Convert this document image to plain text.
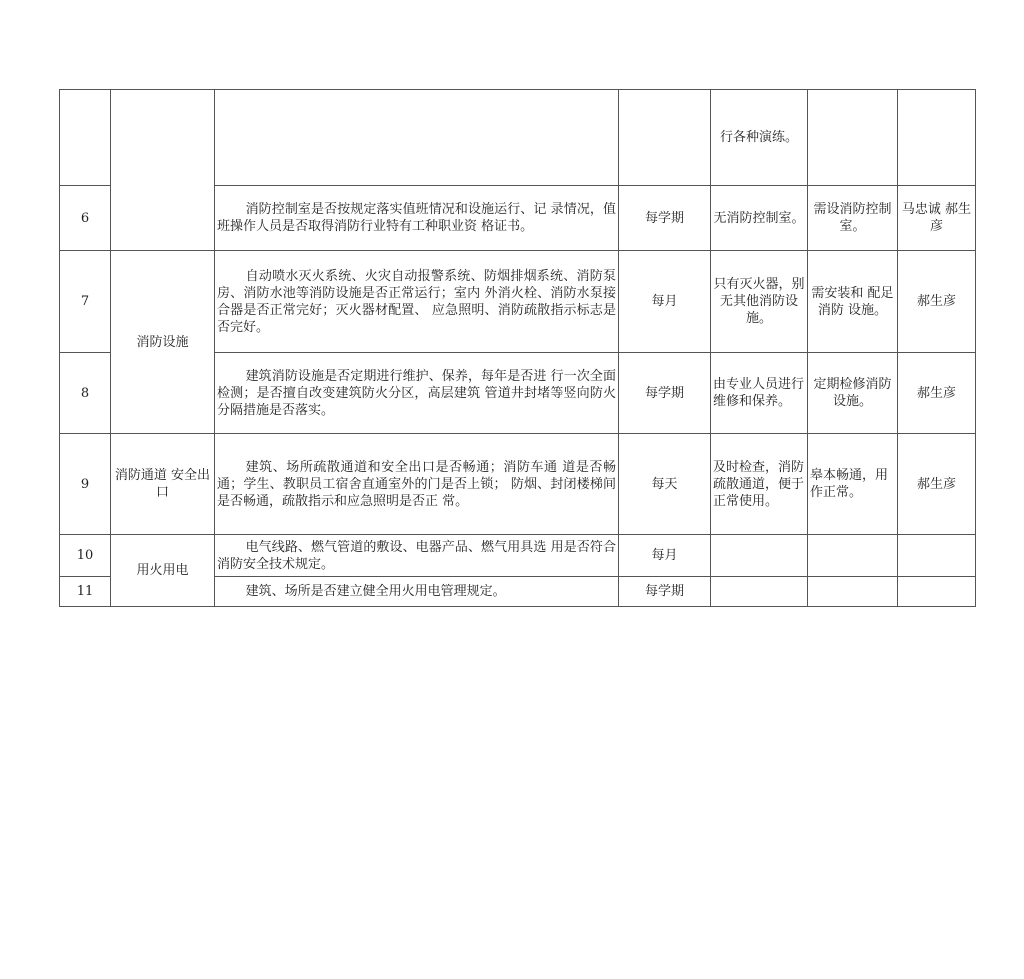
				行各种演练。		
6		消防控制室是否按规定落实值班情况和设施运行、记 录情况，值班操作人员是否取得消防行业特有工种职业资 格证书。	每学期	无消防控制室。	需设消防控制室。	马忠诚 郝生彦
7	消防设施	自动喷水灭火系统、火灾自动报警系统、防烟排烟系统、消防泵房、消防水池等消防设施是否正常运行；室内 外消火栓、消防水泵接合器是否正常完好；灭火器材配置、 应急照明、消防疏散指示标志是否完好。	每月	只有灭火器，别无其他消防设施。	需安装和 配足消防 设施。	郝生彦
8		建筑消防设施是否定期进行维护、保养，每年是否进 行一次全面检测；是否擅自改变建筑防火分区，高层建筑 管道井封堵等竖向防火分隔措施是否落实。	每学期	由专业人员进行维修和保养。	定期检修消防设施。	郝生彦
9	消防通道 安全出口	建筑、场所疏散通道和安全出口是否畅通；消防车通 道是否畅通；学生、教职员工宿舍直通室外的门是否上锁； 防烟、封闭楼梯间是否畅通，疏散指示和应急照明是否正 常。	每天	及时检查，消防疏散通道，便于正常使用。	皋本畅通，用作正常。	郝生彦
10	用火用电	电气线路、燃气管道的敷设、电器产品、燃气用具选 用是否符合消防安全技术规定。	每月			
11		建筑、场所是否建立健全用火用电管理规定。	每学期			
